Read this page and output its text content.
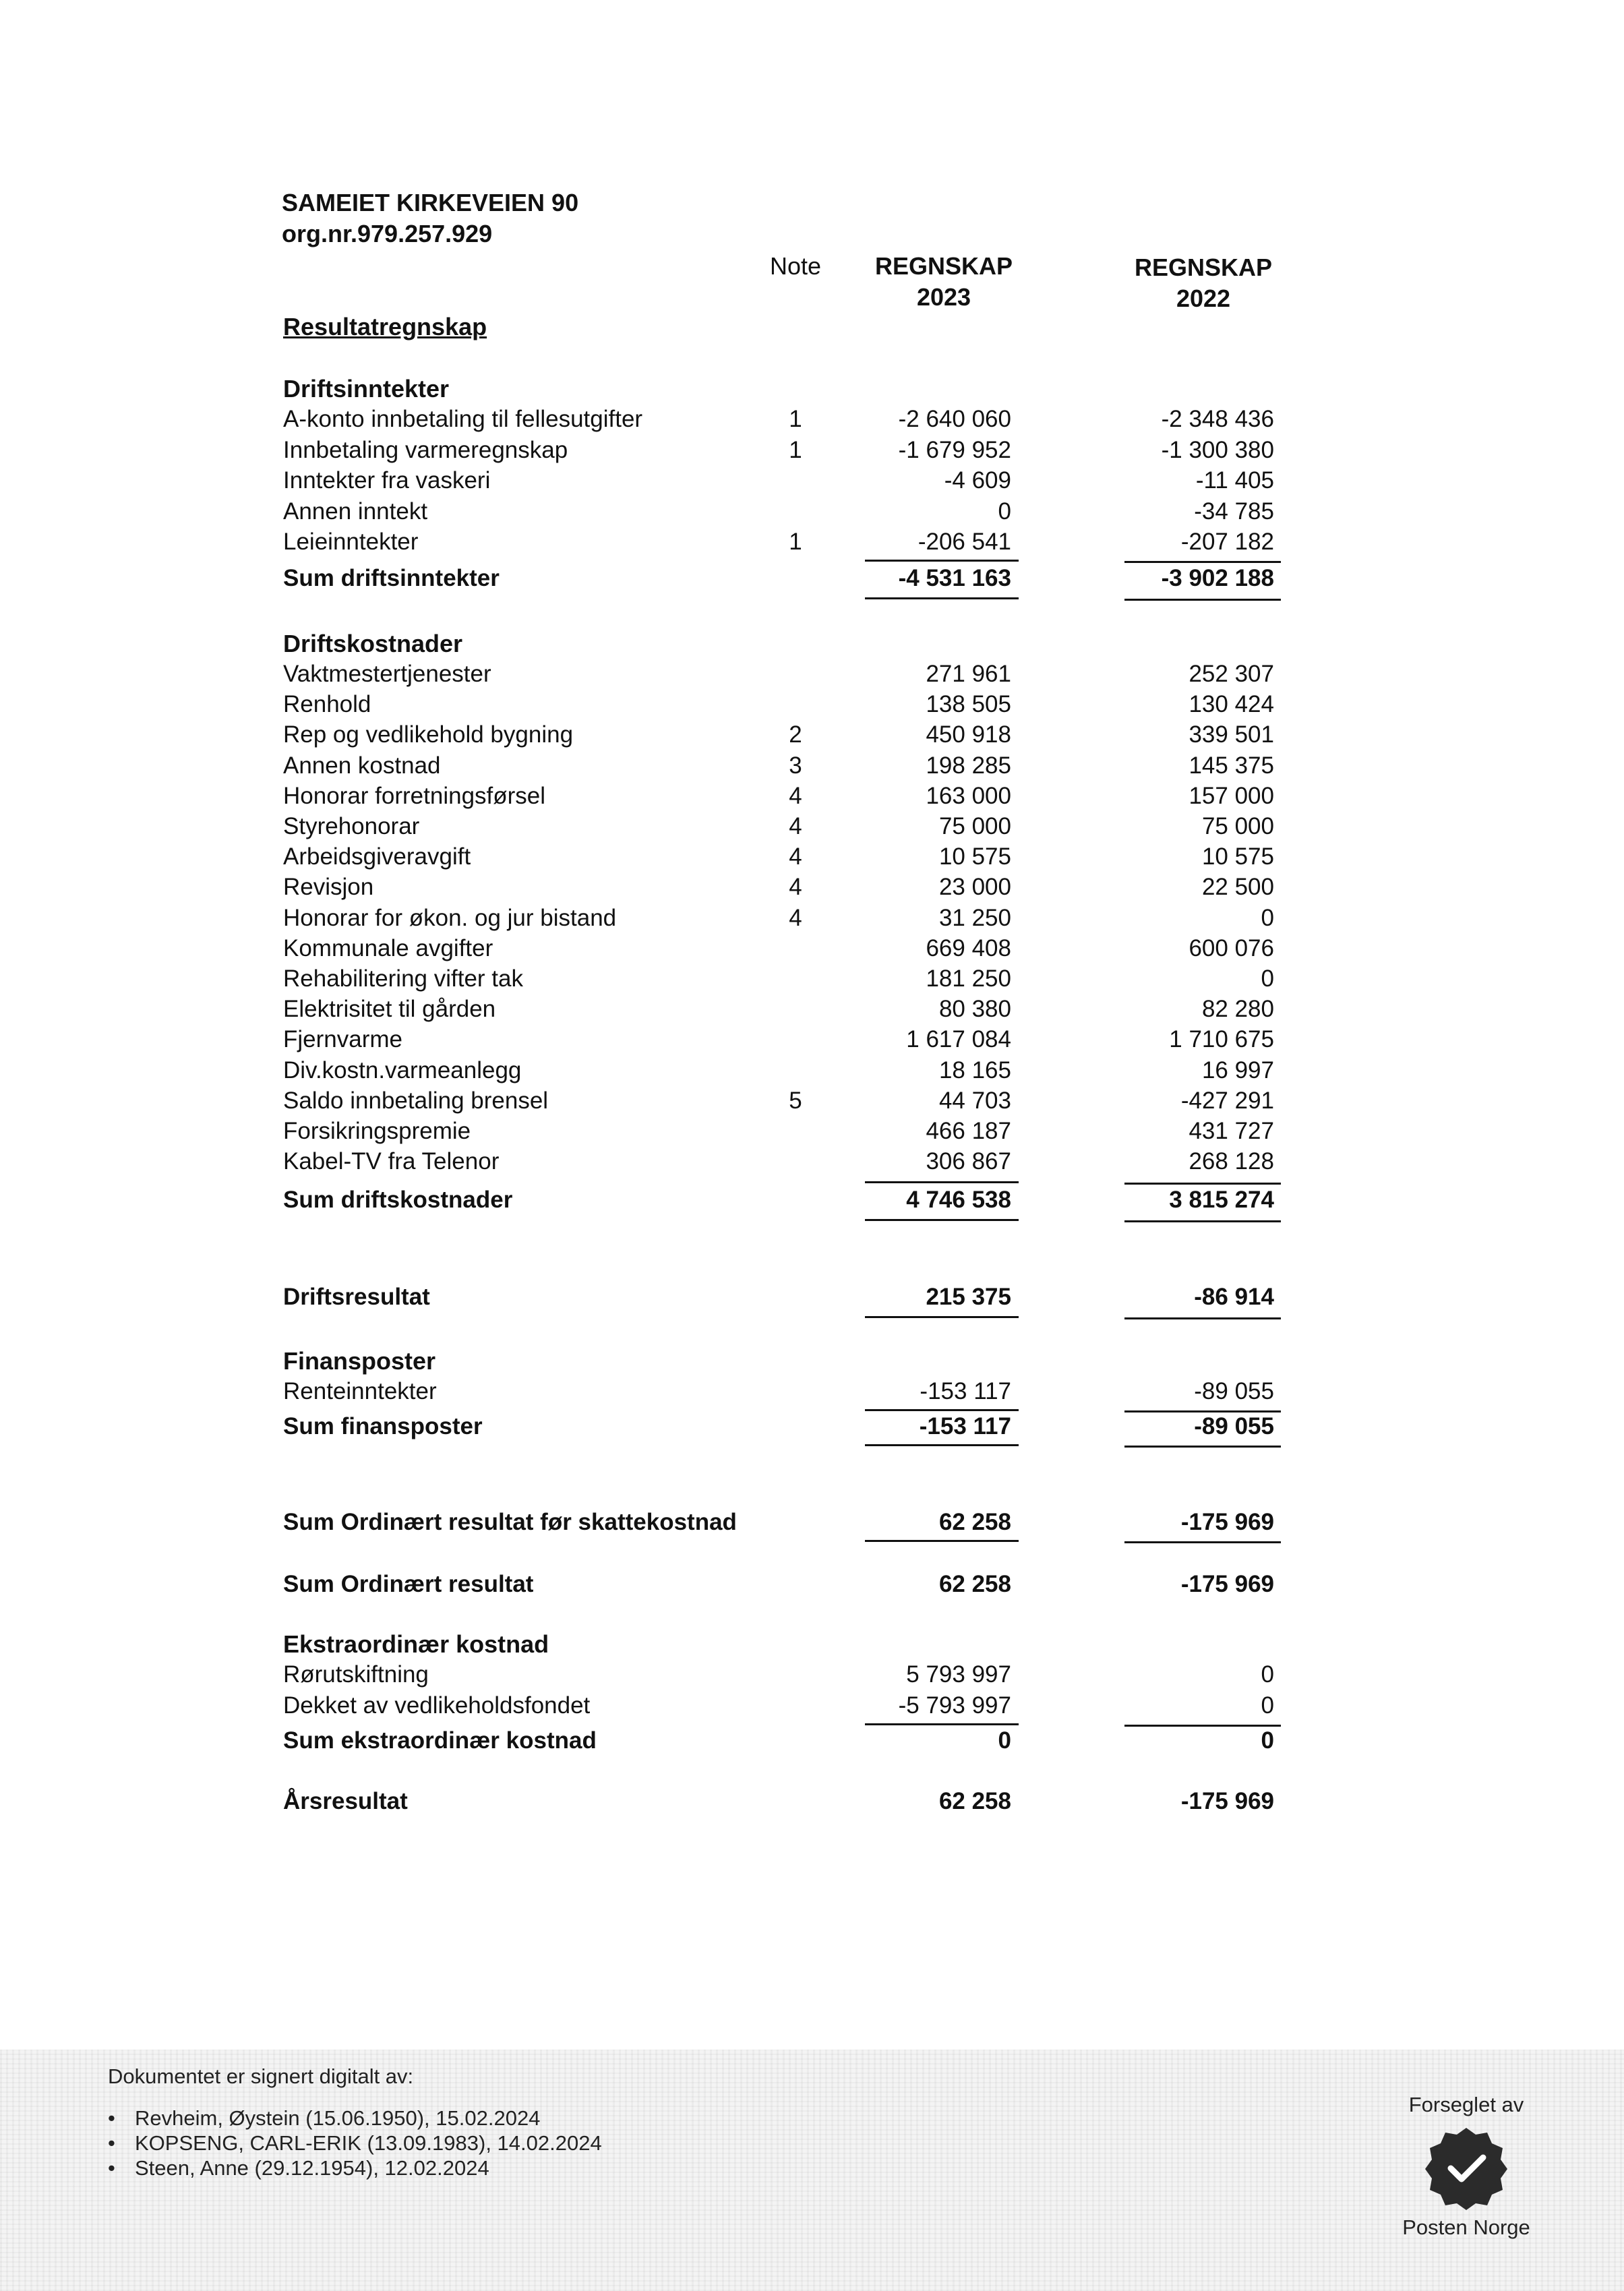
SAMEIET KIRKEVEIEN 90
org.nr.979.257.929
Note	REGNSKAP
2023
REGNSKAP
2022
Resultatregnskap
Driftsinntekter
A-konto innbetaling til fellesutgifter	1	-2 640 060	-2 348 436
Innbetaling varmeregnskap	1	-1 679 952	-1 300 380
Inntekter fra vaskeri	-4 609	-11 405
Annen inntekt	0	-34 785
Leieinntekter	1	-206 541	-207 182
Sum driftsinntekter	-4 531 163	-3 902 188
Driftskostnader
Vaktmestertjenester	271 961	252 307
Renhold	138 505	130 424
Rep og vedlikehold bygning	2	450 918	339 501
Annen kostnad	3	198 285	145 375
Honorar forretningsførsel	4	163 000	157 000
Styrehonorar	4	75 000	75 000
Arbeidsgiveravgift	4	10 575	10 575
Revisjon	4	23 000	22 500
Honorar for økon. og jur bistand	4	31 250	0
Kommunale avgifter	669 408	600 076
Rehabilitering vifter tak	181 250	0
Elektrisitet til gården	80 380	82 280
Fjernvarme	1 617 084	1 710 675
Div.kostn.varmeanlegg	18 165	16 997
Saldo innbetaling brensel	5	44 703	-427 291
Forsikringspremie	466 187	431 727
Kabel-TV fra Telenor	306 867	268 128
Sum driftskostnader	4 746 538	3 815 274
Driftsresultat	215 375	-86 914
Finansposter
Renteinntekter	-153 117	-89 055
Sum finansposter	-153 117	-89 055
Sum Ordinært resultat før skattekostnad	62 258	-175 969
Sum Ordinært resultat	62 258	-175 969
Ekstraordinær kostnad
Rørutskiftning	5 793 997	0
Dekket av vedlikeholdsfondet	-5 793 997	0
Sum ekstraordinær kostnad	0	0
Årsresultat	62 258	-175 969
Dokumentet er signert digitalt av:
• Revheim, Øystein (15.06.1950), 15.02.2024
• KOPSENG, CARL-ERIK (13.09.1983), 14.02.2024
• Steen, Anne (29.12.1954), 12.02.2024
Forseglet av
Posten Norge
